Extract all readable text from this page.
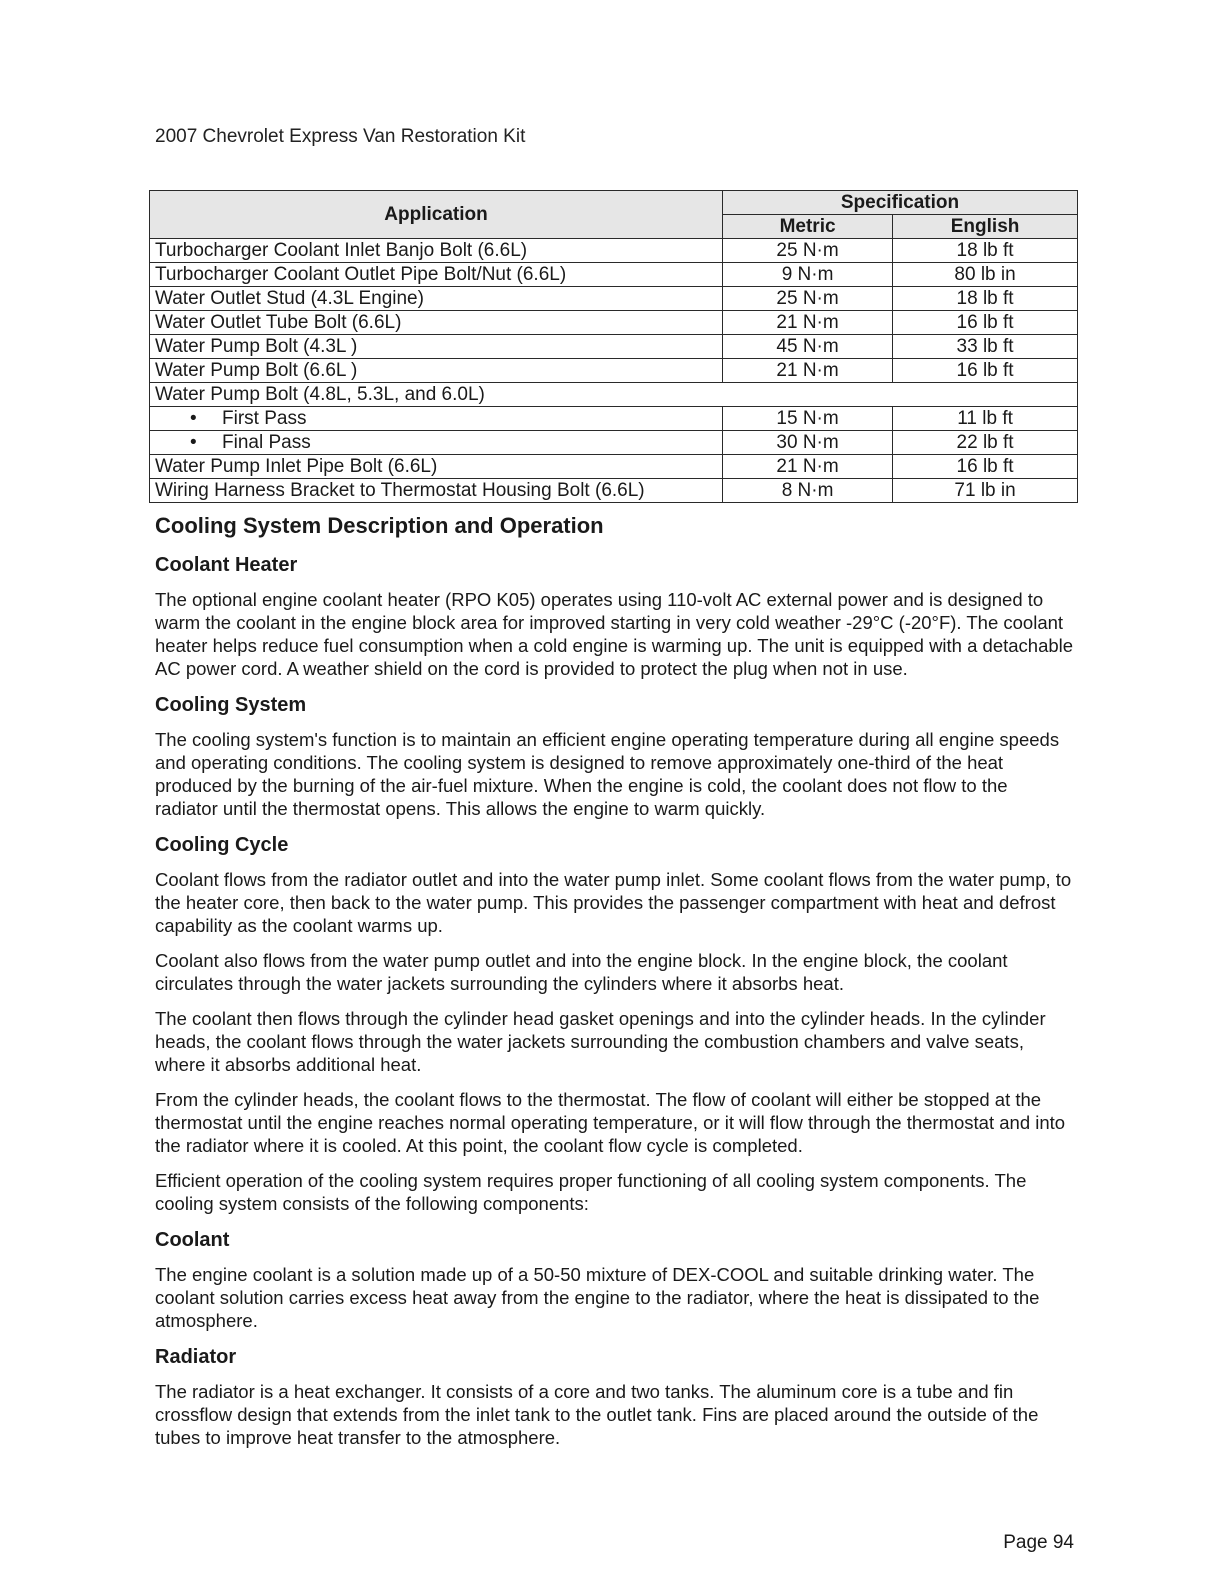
2007 Chevrolet Express Van Restoration Kit
Application	Specification	
	Metric	English
Turbocharger Coolant Inlet Banjo Bolt (6.6L)	25 N·m	18 lb ft
Turbocharger Coolant Outlet Pipe Bolt/Nut (6.6L)	9 N·m	80 lb in
Water Outlet Stud (4.3L Engine)	25 N·m	18 lb ft
Water Outlet Tube Bolt (6.6L)	21 N·m	16 lb ft
Water Pump Bolt (4.3L )	45 N·m	33 lb ft
Water Pump Bolt (6.6L )	21 N·m	16 lb ft
Water Pump Bolt (4.8L, 5.3L, and 6.0L)		
• First Pass	15 N·m	11 lb ft
• Final Pass	30 N·m	22 lb ft
Water Pump Inlet Pipe Bolt (6.6L)	21 N·m	16 lb ft
Wiring Harness Bracket to Thermostat Housing Bolt (6.6L)	8 N·m	71 lb in
Cooling System Description and Operation
Coolant Heater

The optional engine coolant heater (RPO K05) operates using 110-volt AC external power and is designed to warm the coolant in the engine block area for improved starting in very cold weather -29°C (-20°F). The coolant heater helps reduce fuel consumption when a cold engine is warming up. The unit is equipped with a detachable AC power cord. A weather shield on the cord is provided to protect the plug when not in use.

Cooling System

The cooling system's function is to maintain an efficient engine operating temperature during all engine speeds and operating conditions. The cooling system is designed to remove approximately one-third of the heat produced by the burning of the air-fuel mixture. When the engine is cold, the coolant does not flow to the radiator until the thermostat opens. This allows the engine to warm quickly.

Cooling Cycle

Coolant flows from the radiator outlet and into the water pump inlet. Some coolant flows from the water pump, to the heater core, then back to the water pump. This provides the passenger compartment with heat and defrost capability as the coolant warms up.

Coolant also flows from the water pump outlet and into the engine block. In the engine block, the coolant circulates through the water jackets surrounding the cylinders where it absorbs heat.

The coolant then flows through the cylinder head gasket openings and into the cylinder heads. In the cylinder heads, the coolant flows through the water jackets surrounding the combustion chambers and valve seats, where it absorbs additional heat.

From the cylinder heads, the coolant flows to the thermostat. The flow of coolant will either be stopped at the thermostat until the engine reaches normal operating temperature, or it will flow through the thermostat and into the radiator where it is cooled. At this point, the coolant flow cycle is completed.

Efficient operation of the cooling system requires proper functioning of all cooling system components. The cooling system consists of the following components:

Coolant

The engine coolant is a solution made up of a 50-50 mixture of DEX-COOL and suitable drinking water. The coolant solution carries excess heat away from the engine to the radiator, where the heat is dissipated to the atmosphere.

Radiator

The radiator is a heat exchanger. It consists of a core and two tanks. The aluminum core is a tube and fin crossflow design that extends from the inlet tank to the outlet tank. Fins are placed around the outside of the tubes to improve heat transfer to the atmosphere.

Page 94
